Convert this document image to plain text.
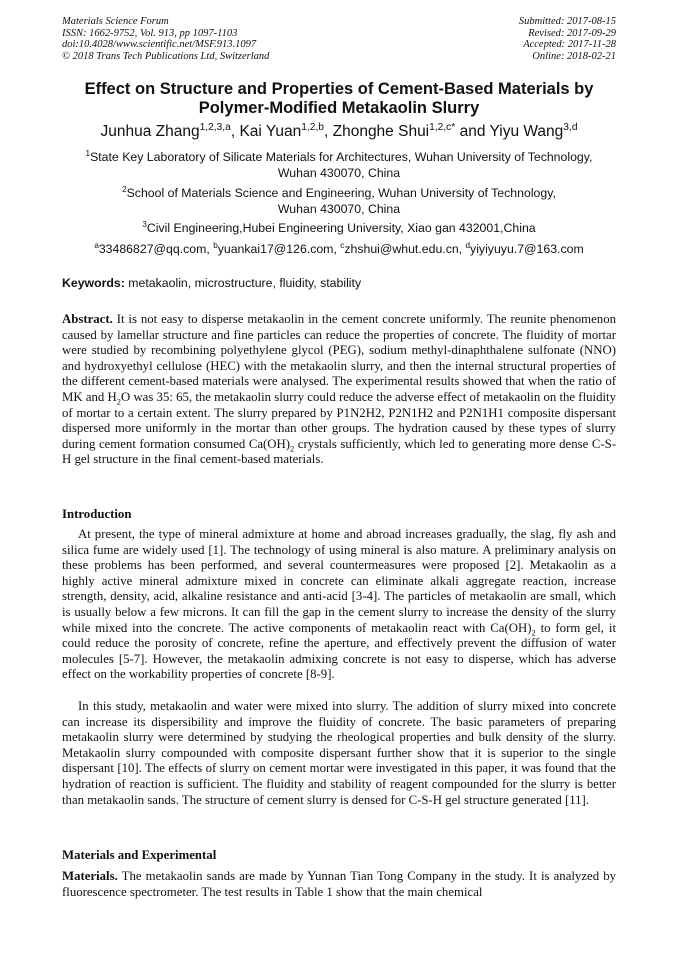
Materials Science Forum
ISSN: 1662-9752, Vol. 913, pp 1097-1103
doi:10.4028/www.scientific.net/MSF.913.1097
© 2018 Trans Tech Publications Ltd, Switzerland
Submitted: 2017-08-15
Revised: 2017-09-29
Accepted: 2017-11-28
Online: 2018-02-21
Effect on Structure and Properties of Cement-Based Materials by
Polymer-Modified Metakaolin Slurry
Junhua Zhang$^{1,2,3,a}$, Kai Yuan$^{1,2,b}$, Zhonghe Shui$^{1,2,c*}$ and Yiyu Wang$^{3,d}$
$^1$State Key Laboratory of Silicate Materials for Architectures, Wuhan University of Technology,
Wuhan 430070, China
$^2$School of Materials Science and Engineering, Wuhan University of Technology,
Wuhan 430070, China
$^3$Civil Engineering,Hubei Engineering University, Xiao gan 432001,China
$^a$33486827@qq.com, $^b$yuankai17@126.com, $^c$zhshui@whut.edu.cn, $^d$yiyiyuyu.7@163.com
Keywords: metakaolin, microstructure, fluidity, stability

Abstract. It is not easy to disperse metakaolin in the cement concrete uniformly. The reunite phenomenon caused by lamellar structure and fine particles can reduce the properties of concrete. The fluidity of mortar were studied by recombining polyethylene glycol (PEG), sodium methyl-dinaphthalene sulfonate (NNO) and hydroxyethyl cellulose (HEC) with the metakaolin slurry, and then the internal structural properties of the different cement-based materials were analysed. The experimental results showed that when the ratio of MK and $H_2O$ was 35: 65, the metakaolin slurry could reduce the adverse effect of metakaolin on the fluidity of mortar to a certain extent. The slurry prepared by P1N2H2, P2N1H2 and P2N1H1 composite dispersant dispersed more uniformly in the mortar than other groups. The hydration caused by these types of slurry during cement formation consumed $Ca(OH)_2$ crystals sufficiently, which led to generating more dense C-S-H gel structure in the final cement-based materials.

Introduction

At present, the type of mineral admixture at home and abroad increases gradually, the slag, fly ash and silica fume are widely used [1]. The technology of using mineral is also mature. A preliminary analysis on these problems has been performed, and several countermeasures were proposed [2]. Metakaolin as a highly active mineral admixture mixed in concrete can eliminate alkali aggregate reaction, increase strength, density, acid, alkaline resistance and anti-acid [3-4]. The particles of metakaolin are small, which is usually below a few microns. It can fill the gap in the cement slurry to increase the density of the slurry while mixed into the concrete. The active components of metakaolin react with $Ca(OH)_2$ to form gel, it could reduce the porosity of concrete, refine the aperture, and effectively prevent the diffusion of water molecules [5-7]. However, the metakaolin admixing concrete is not easy to disperse, which has adverse effect on the workability properties of concrete [8-9].

In this study, metakaolin and water were mixed into slurry. The addition of slurry mixed into concrete can increase its dispersibility and improve the fluidity of concrete. The basic parameters of preparing metakaolin slurry were determined by studying the rheological properties and bulk density of the slurry. Metakaolin slurry compounded with composite dispersant further show that it is superior to the single dispersant [10]. The effects of slurry on cement mortar were investigated in this paper, it was found that the hydration of reaction is sufficient. The fluidity and stability of reagent compounded for the slurry is better than metakaolin sands. The structure of cement slurry is densed for C-S-H gel structure generated [11].

Materials and Experimental

Materials. The metakaolin sands are made by Yunnan Tian Tong Company in the study. It is analyzed by fluorescence spectrometer. The test results in Table 1 show that the main chemical
